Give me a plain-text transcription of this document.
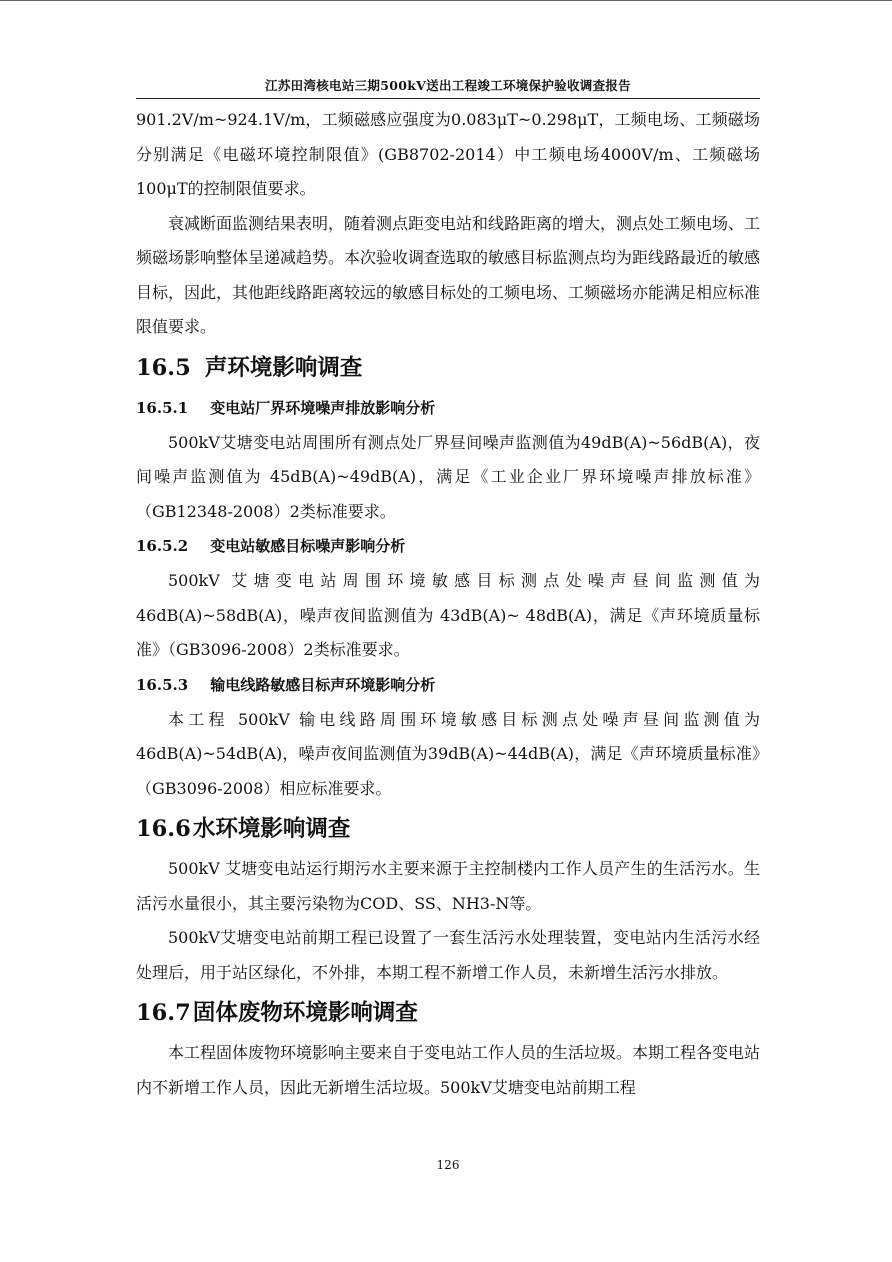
江苏田湾核电站三期500kV送出工程竣工环境保护验收调查报告

901.2V/m~924.1V/m，工频磁感应强度为0.083μT~0.298μT，工频电场、工频磁场分别满足《电磁环境控制限值》(GB8702-2014）中工频电场4000V/m、工频磁场100μT的控制限值要求。

衰减断面监测结果表明，随着测点距变电站和线路距离的增大，测点处工频电场、工频磁场影响整体呈递减趋势。本次验收调查选取的敏感目标监测点均为距线路最近的敏感目标，因此，其他距线路距离较远的敏感目标处的工频电场、工频磁场亦能满足相应标准限值要求。

16.5 声环境影响调查
16.5.1 变电站厂界环境噪声排放影响分析

500kV艾塘变电站周围所有测点处厂界昼间噪声监测值为49dB(A)~56dB(A)，夜间噪声监测值为 45dB(A)~49dB(A)，满足《工业企业厂界环境噪声排放标准》（GB12348-2008）2类标准要求。

16.5.2 变电站敏感目标噪声影响分析

500kV 艾塘变电站周围环境敏感目标测点处噪声昼间监测值为 46dB(A)~58dB(A)，噪声夜间监测值为 43dB(A)~ 48dB(A)，满足《声环境质量标准》（GB3096-2008）2类标准要求。

16.5.3 输电线路敏感目标声环境影响分析

本工程 500kV 输电线路周围环境敏感目标测点处噪声昼间监测值为46dB(A)~54dB(A)，噪声夜间监测值为39dB(A)~44dB(A)，满足《声环境质量标准》（GB3096-2008）相应标准要求。

16.6水环境影响调查

500kV 艾塘变电站运行期污水主要来源于主控制楼内工作人员产生的生活污水。生活污水量很小，其主要污染物为COD、SS、NH3-N等。

500kV艾塘变电站前期工程已设置了一套生活污水处理装置，变电站内生活污水经处理后，用于站区绿化，不外排，本期工程不新增工作人员，未新增生活污水排放。

16.7固体废物环境影响调查

本工程固体废物环境影响主要来自于变电站工作人员的生活垃圾。本期工程各变电站内不新增工作人员，因此无新增生活垃圾。500kV艾塘变电站前期工程

126
